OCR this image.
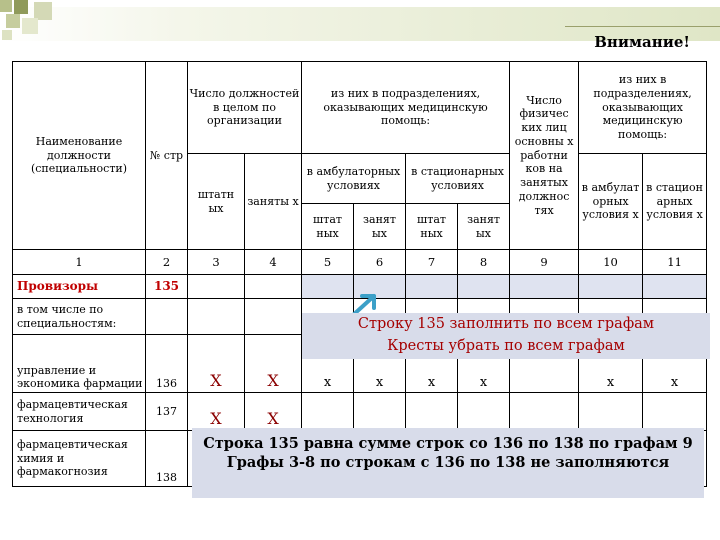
Внимание!
Наименование должности (специальности)	№ стр	Число должностей в целом по организации		из них в подразделениях, оказывающих медицинскую помощь:				Число физичес ких лиц основны х работни ков на занятых должнос тях	из них в подразделениях, оказывающих медицинскую помощь:	
		штатн ых	заняты х	в амбулаторных условиях		в стационарных условиях			в амбулат орных условия х	в стацион арных условия х
				штат ных	занят ых	штат ных	занят ых			
1	2	3	4	5	6	7	8	9	10	11
Провизоры	135									
в том числе по специальностям:										
управление и экономика фармации	136	X	X	x	x	x	x		x	x
фармацевтическая технология	137	X	X							
фармацевтическая химия и фармакогнозия	138									
Строку 135 заполнить по всем графам
Кресты убрать по всем графам
Строка 135 равна сумме строк со 136 по 138 по графам 9
Графы 3-8 по строкам с 136 по 138 не заполняются
